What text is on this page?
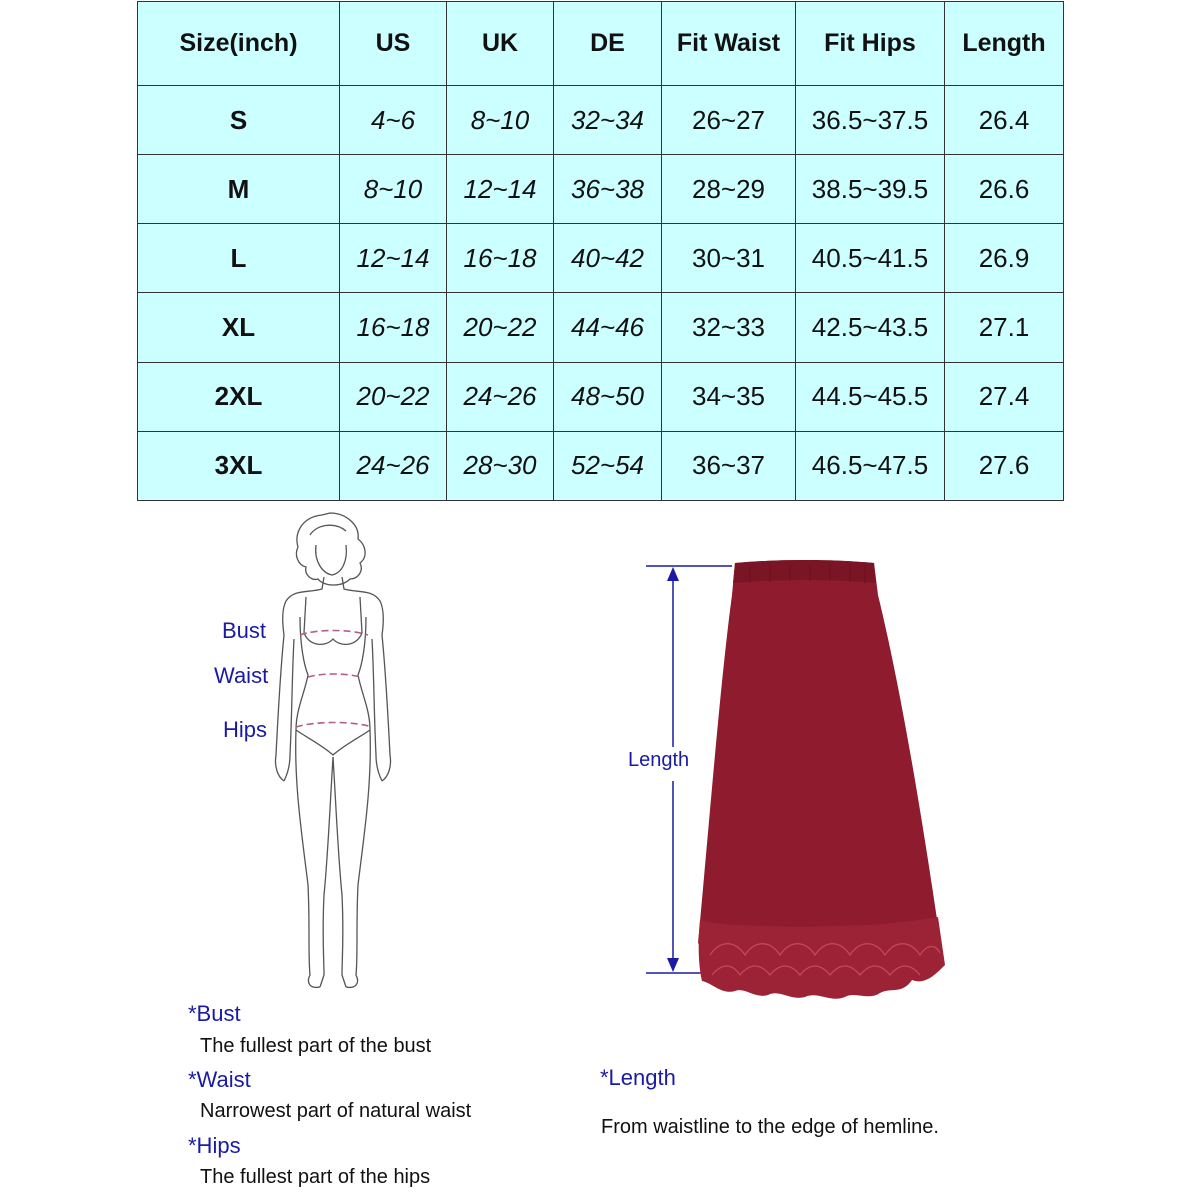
Size(inch)	US	UK	DE	Fit Waist	Fit Hips	Length
S	4~6	8~10	32~34	26~27	36.5~37.5	26.4
M	8~10	12~14	36~38	28~29	38.5~39.5	26.6
L	12~14	16~18	40~42	30~31	40.5~41.5	26.9
XL	16~18	20~22	44~46	32~33	42.5~43.5	27.1
2XL	20~22	24~26	48~50	34~35	44.5~45.5	27.4
3XL	24~26	28~30	52~54	36~37	46.5~47.5	27.6
Bust
Waist
Hips
Length
*Bust
The fullest part of the bust
*Waist
Narrowest part of natural waist
*Hips
The fullest part of the hips
*Length
From waistline to the edge of hemline.
